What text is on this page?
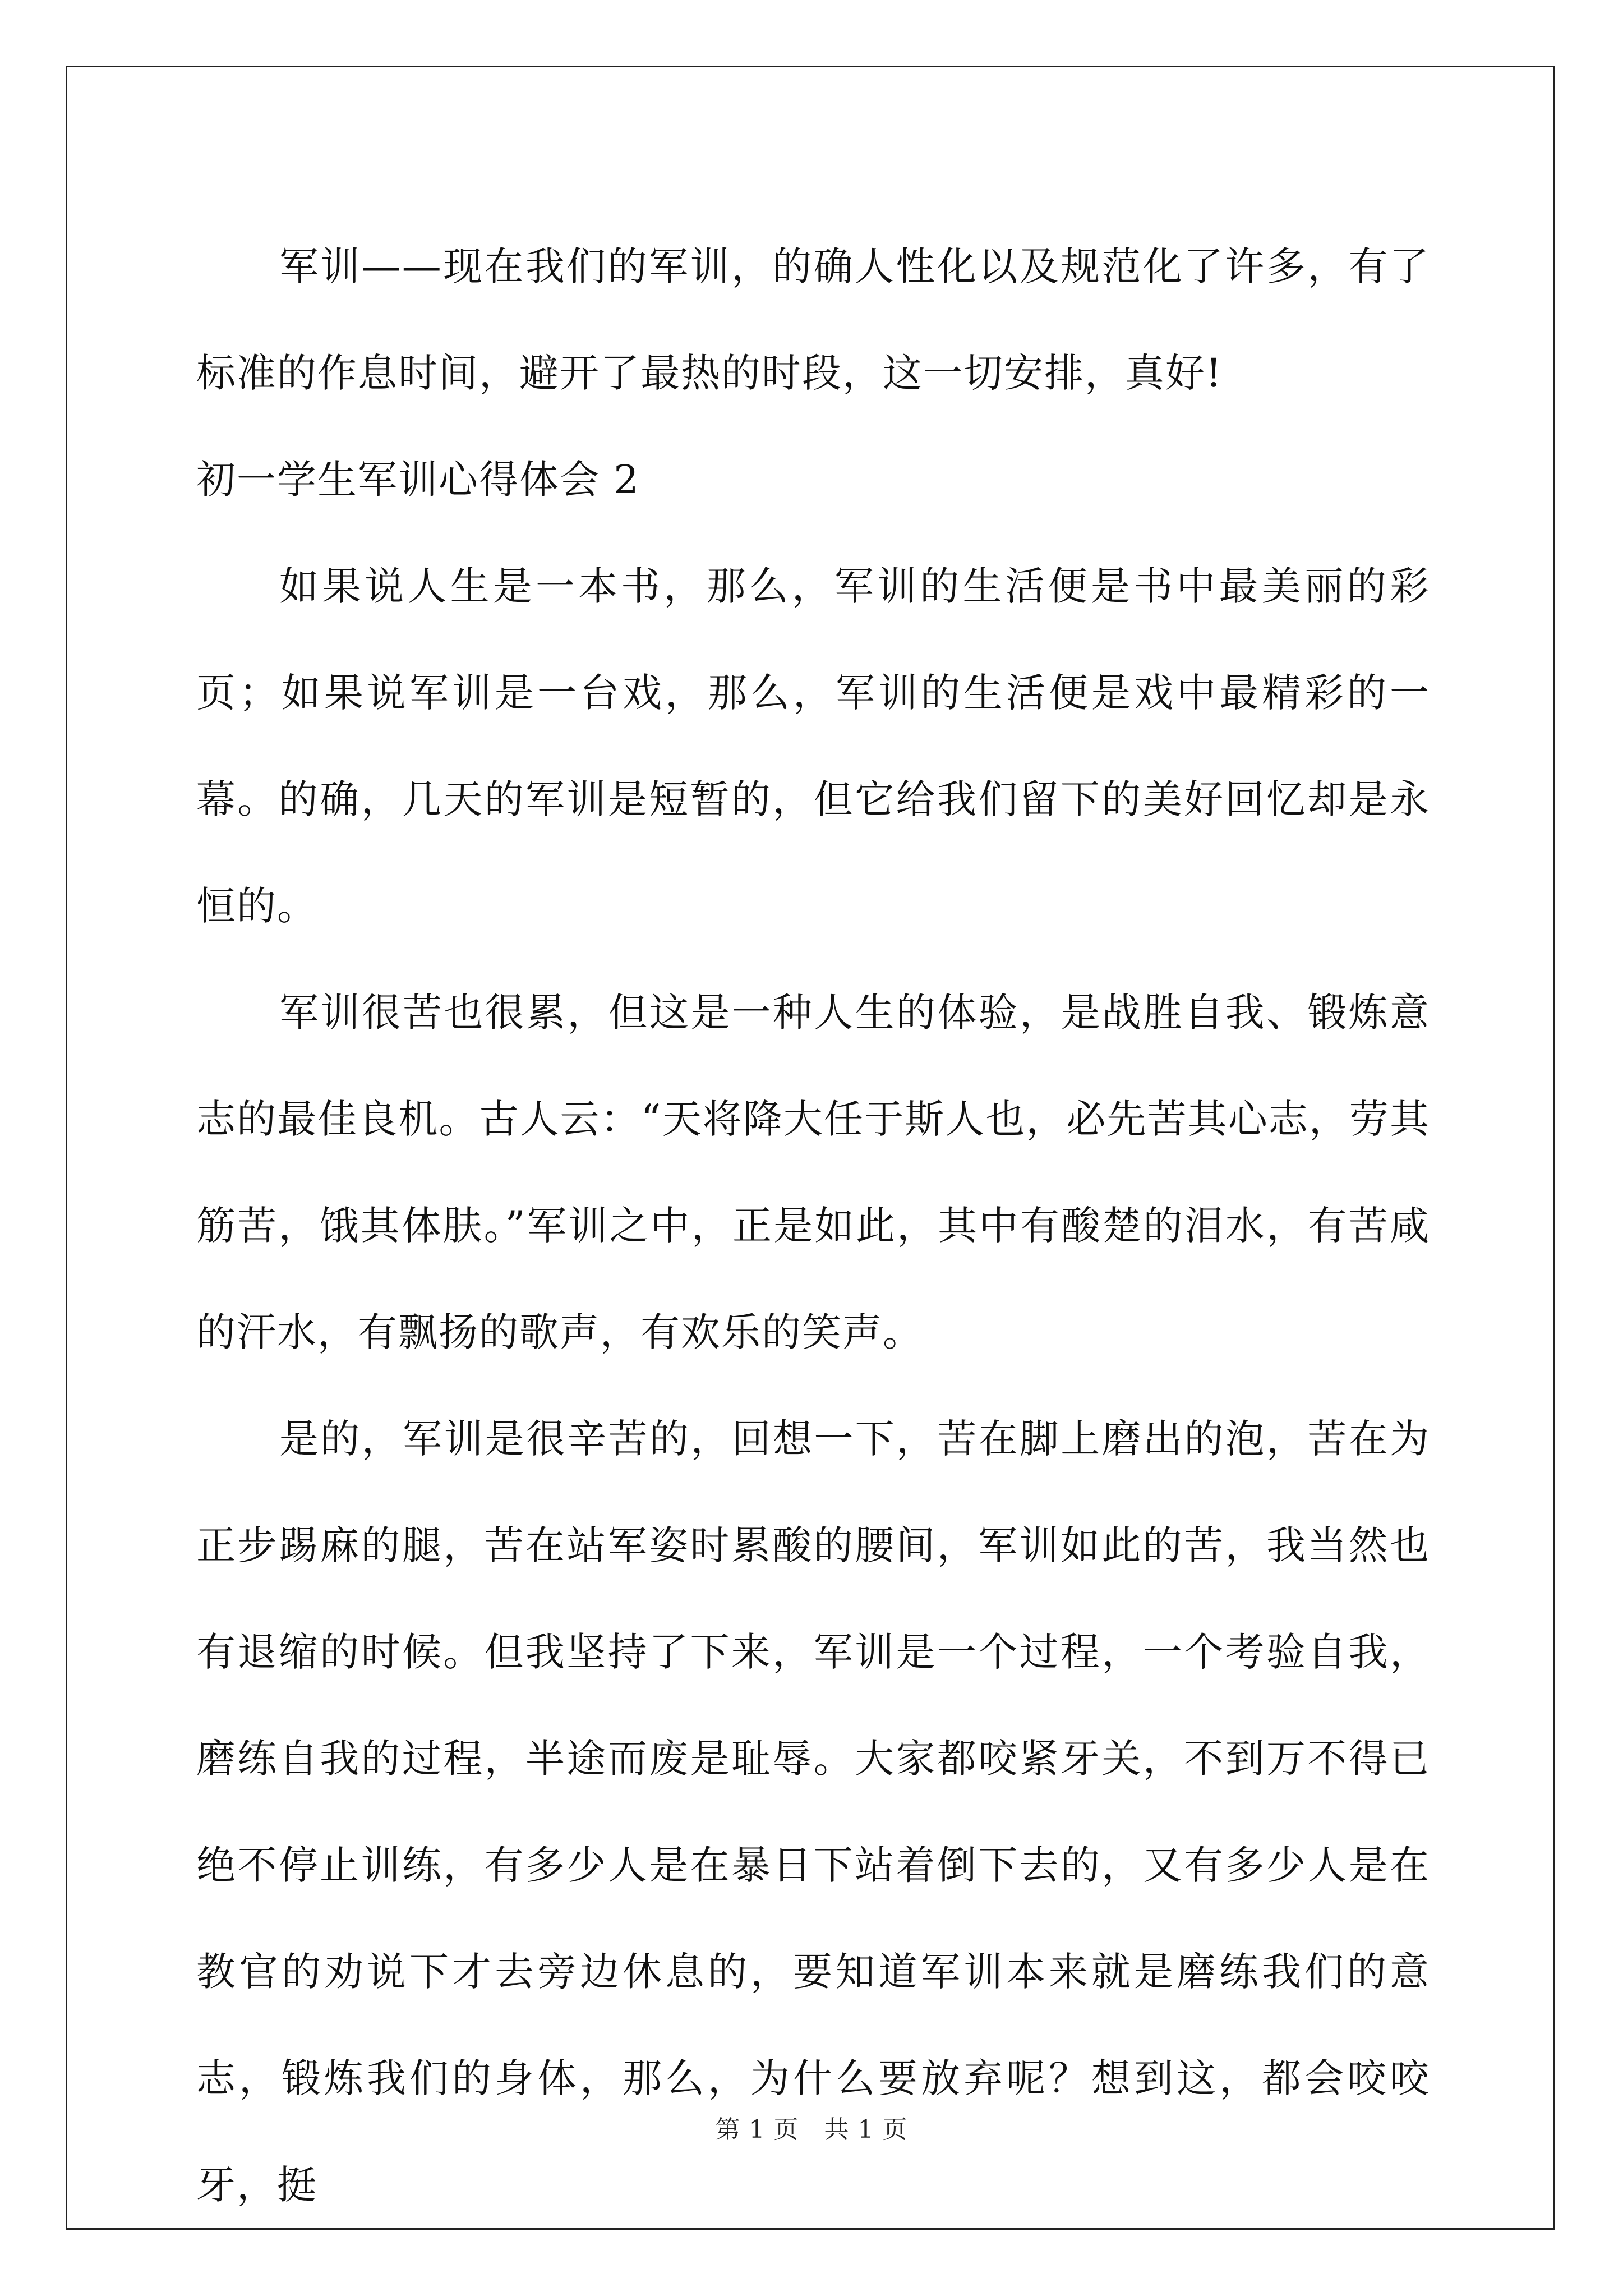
军训——现在我们的军训，的确人性化以及规范化了许多，有了标准的作息时间，避开了最热的时段，这一切安排，真好!

初一学生军训心得体会 2

如果说人生是一本书，那么，军训的生活便是书中最美丽的彩页；如果说军训是一台戏，那么，军训的生活便是戏中最精彩的一幕。的确，几天的军训是短暂的，但它给我们留下的美好回忆却是永恒的。

军训很苦也很累，但这是一种人生的体验，是战胜自我、锻炼意志的最佳良机。古人云：“天将降大任于斯人也，必先苦其心志，劳其筋苦，饿其体肤。”军训之中，正是如此，其中有酸楚的泪水，有苦咸的汗水，有飘扬的歌声，有欢乐的笑声。

是的，军训是很辛苦的，回想一下，苦在脚上磨出的泡，苦在为正步踢麻的腿，苦在站军姿时累酸的腰间，军训如此的苦，我当然也有退缩的时候。但我坚持了下来，军训是一个过程，一个考验自我，磨练自我的过程，半途而废是耻辱。大家都咬紧牙关，不到万不得已绝不停止训练，有多少人是在暴日下站着倒下去的，又有多少人是在教官的劝说下才去旁边休息的，要知道军训本来就是磨练我们的意志，锻炼我们的身体，那么，为什么要放弃呢？想到这，都会咬咬牙，挺

第 1 页　共 1 页
